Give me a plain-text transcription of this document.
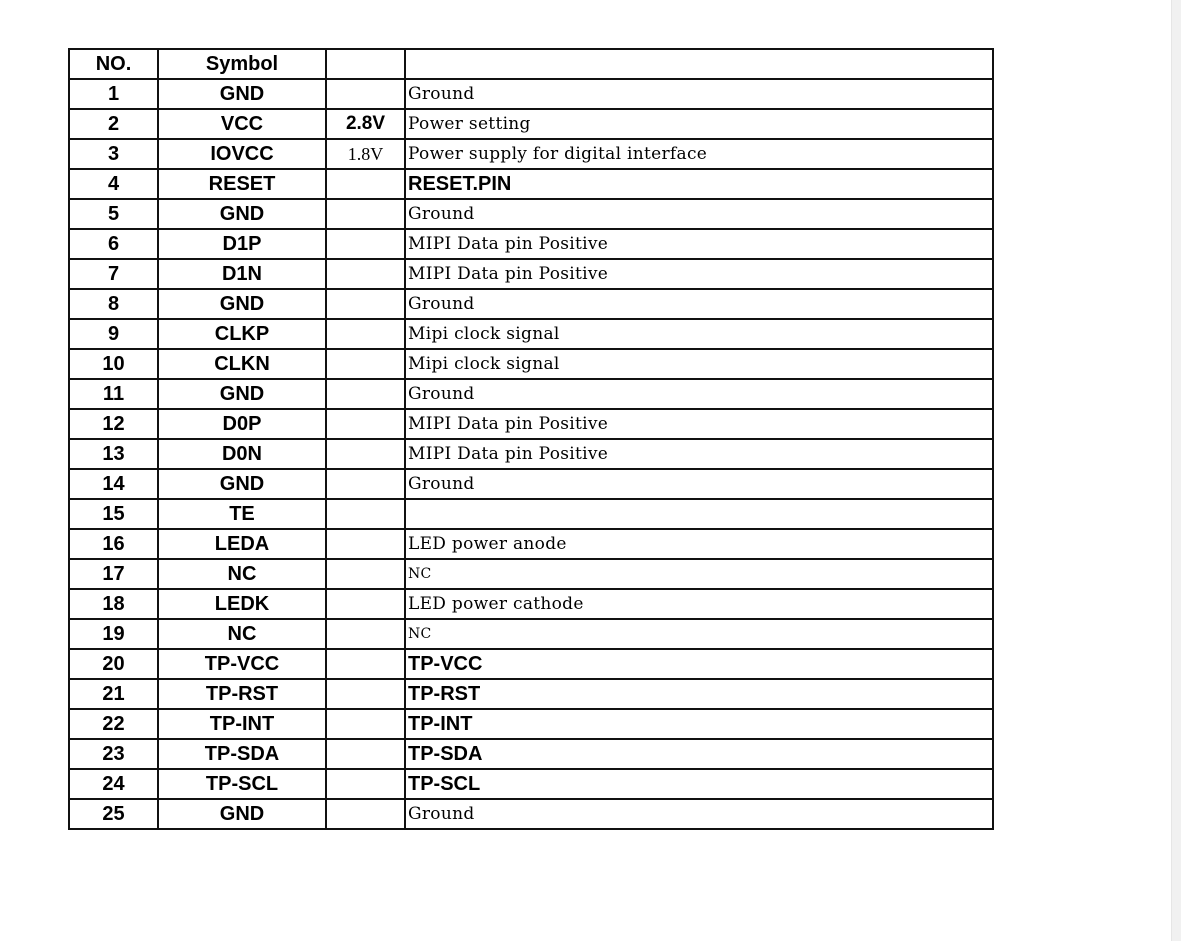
NO.	Symbol		
1	GND		Ground
2	VCC	2.8V	Power setting
3	IOVCC	1.8V	Power supply for digital interface
4	RESET		RESET.PIN
5	GND		Ground
6	D1P		MIPI Data pin Positive
7	D1N		MIPI Data pin Positive
8	GND		Ground
9	CLKP		Mipi clock signal
10	CLKN		Mipi clock signal
11	GND		Ground
12	D0P		MIPI Data pin Positive
13	D0N		MIPI Data pin Positive
14	GND		Ground
15	TE		
16	LEDA		LED power anode
17	NC		NC
18	LEDK		LED power cathode
19	NC		NC
20	TP-VCC		TP-VCC
21	TP-RST		TP-RST
22	TP-INT		TP-INT
23	TP-SDA		TP-SDA
24	TP-SCL		TP-SCL
25	GND		Ground
